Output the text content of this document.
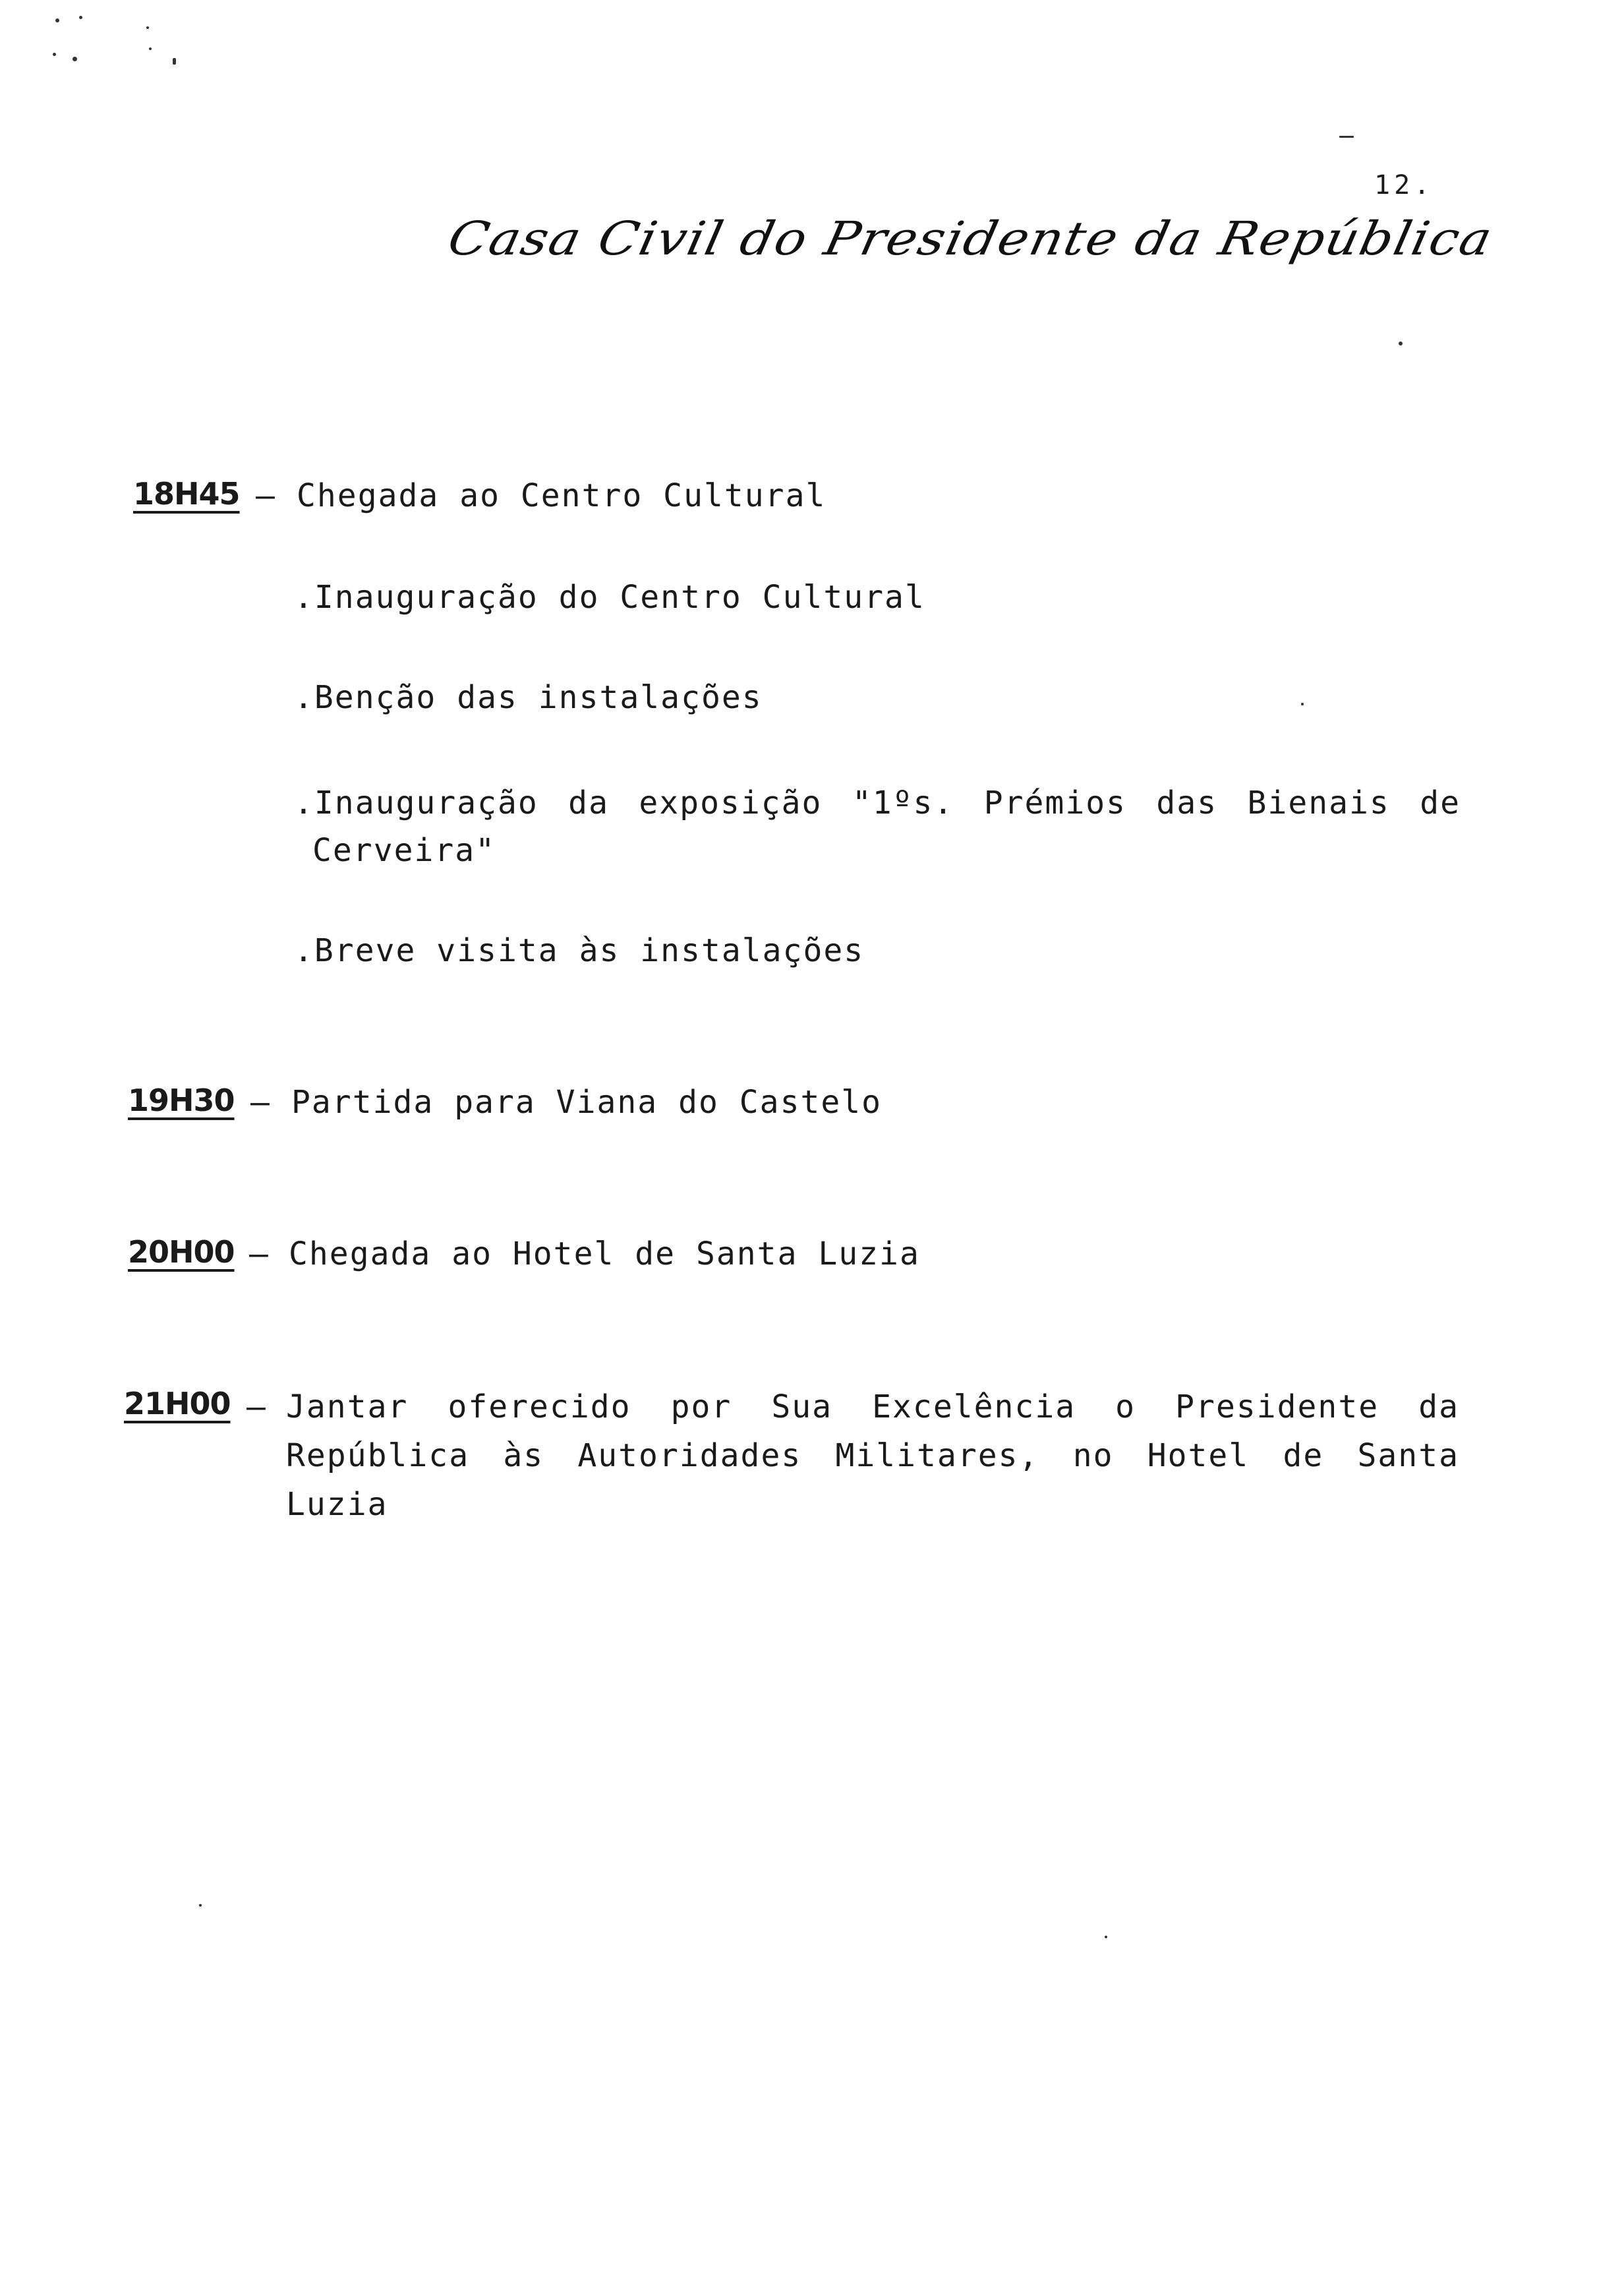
12.
Casa Civil do Presidente da República
18H45 – Chegada ao Centro Cultural
.Inauguração do Centro Cultural
.Benção das instalações
.Inauguração da exposição "1ºs. Prémios das Bienais de
Cerveira"
.Breve visita às instalações
19H30 – Partida para Viana do Castelo
20H00 – Chegada ao Hotel de Santa Luzia
21H00 – Jantar oferecido por Sua Excelência o Presidente da
República às Autoridades Militares, no Hotel de Santa
Luzia
